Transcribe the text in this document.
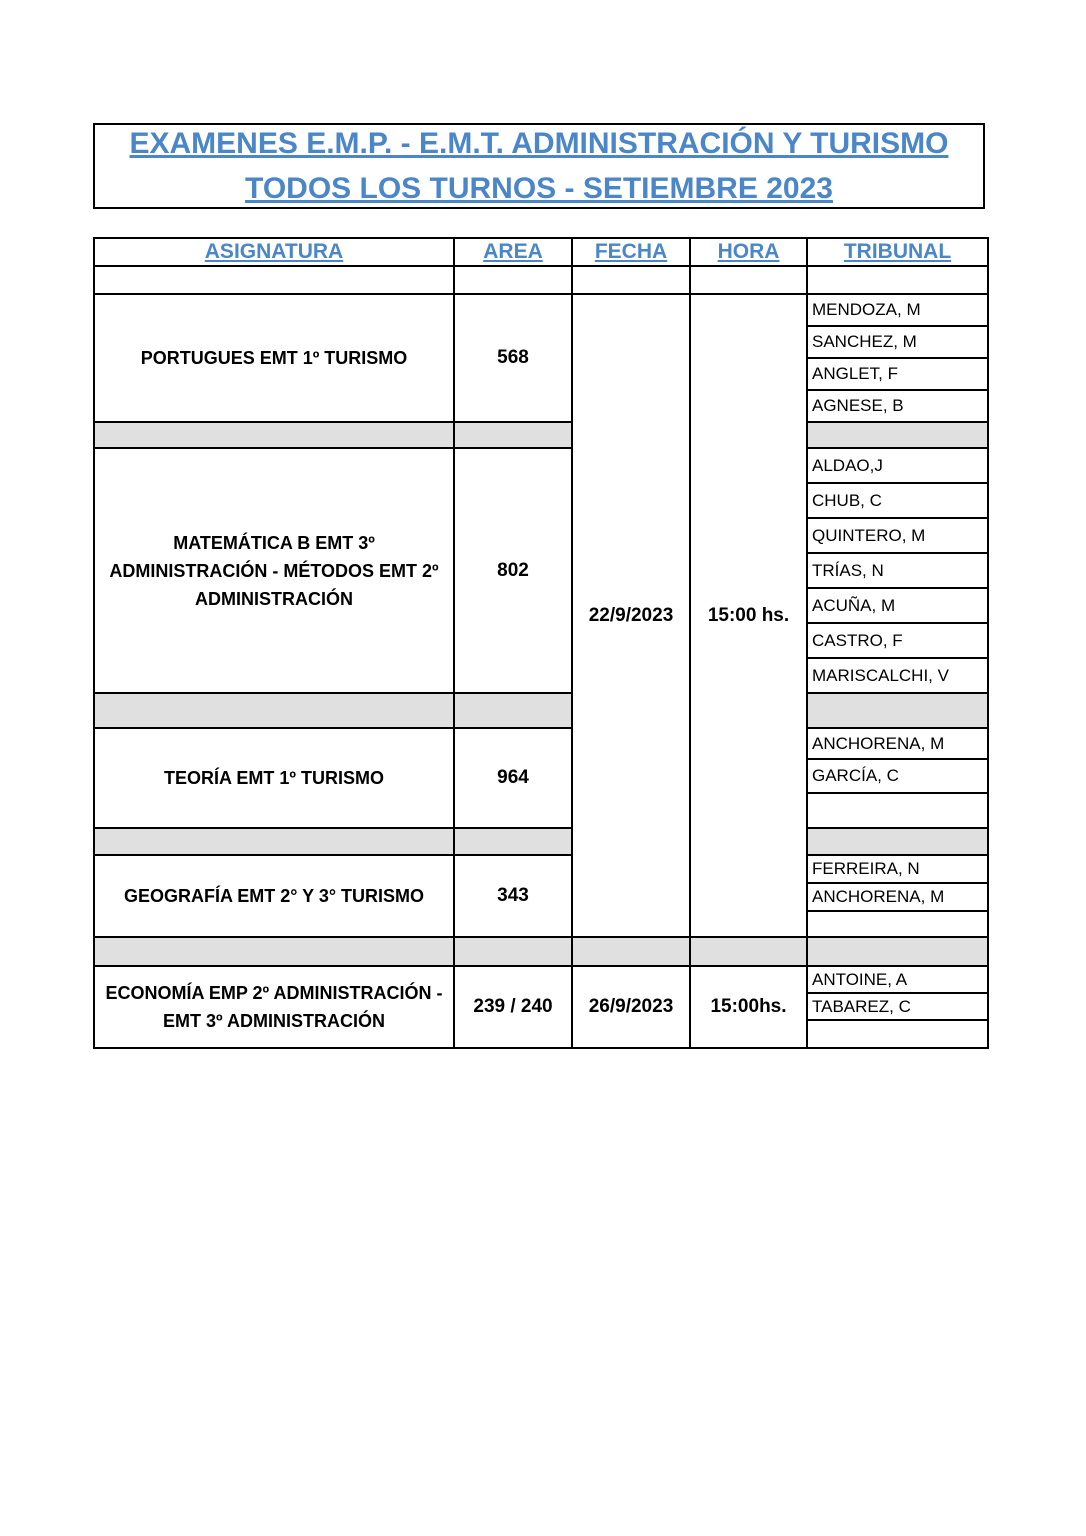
EXAMENES E.M.P. - E.M.T. ADMINISTRACIÓN Y TURISMO
TODOS LOS TURNOS - SETIEMBRE 2023
ASIGNATURA	AREA	FECHA	HORA	TRIBUNAL

PORTUGUES EMT 1º TURISMO	568	22/9/2023	15:00 hs.	MENDOZA, M
				SANCHEZ, M
				ANGLET, F
				AGNESE, B

MATEMÁTICA B EMT 3º ADMINISTRACIÓN - MÉTODOS EMT 2º ADMINISTRACIÓN	802			ALDAO,J
				CHUB, C
				QUINTERO, M
				TRÍAS, N
				ACUÑA, M
				CASTRO, F
				MARISCALCHI, V

TEORÍA EMT 1º TURISMO	964			ANCHORENA, M
				GARCÍA, C

GEOGRAFÍA EMT 2° Y 3° TURISMO	343			FERREIRA, N
				ANCHORENA, M

ECONOMÍA EMP 2º ADMINISTRACIÓN - EMT 3º ADMINISTRACIÓN	239 / 240	26/9/2023	15:00hs.	ANTOINE, A
				TABAREZ, C
